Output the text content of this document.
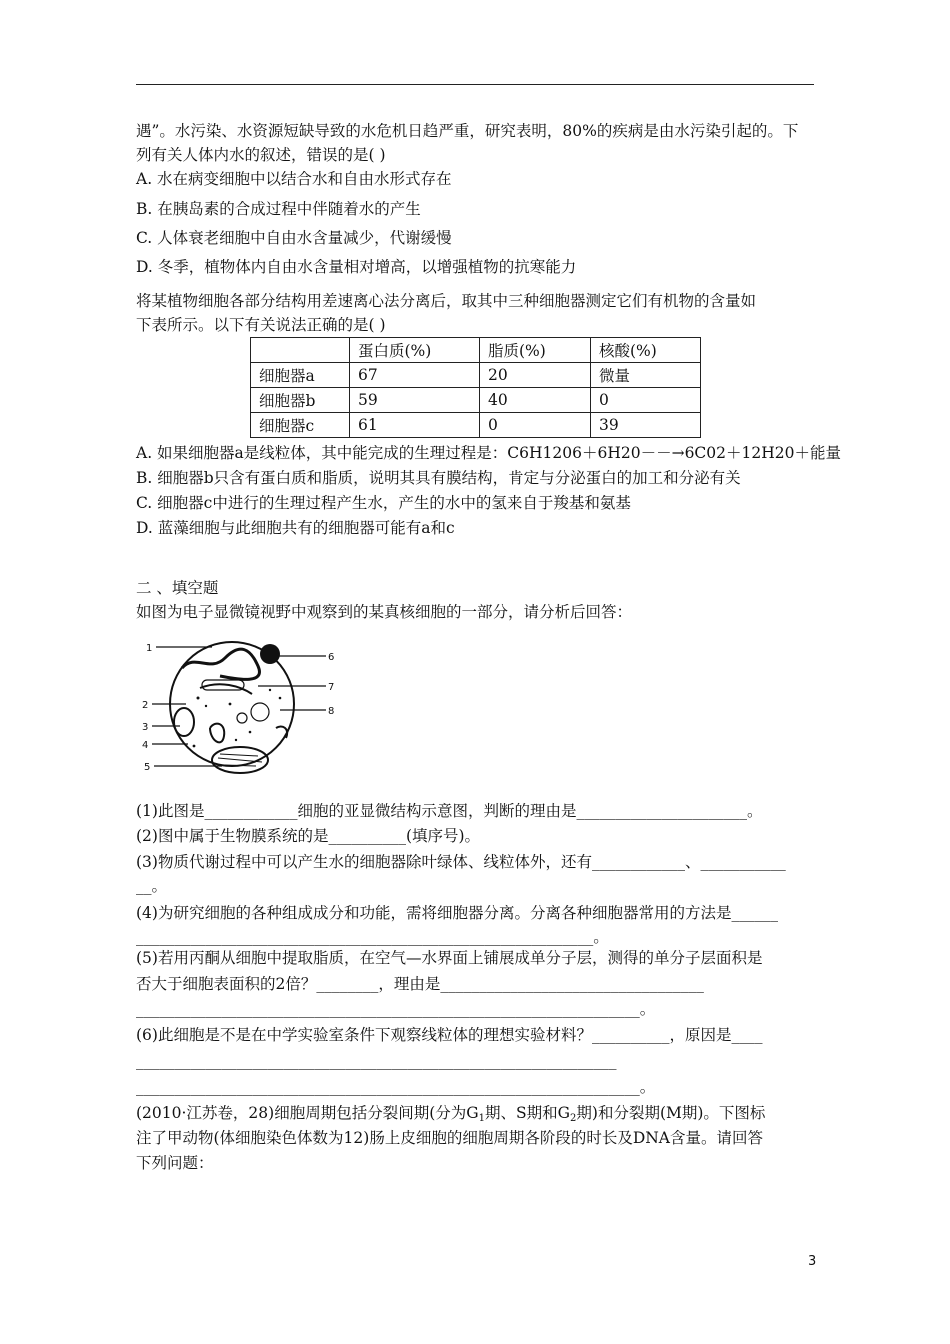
遇”。水污染、水资源短缺导致的水危机日趋严重，研究表明，80%的疾病是由水污染引起的。下
列有关人体内水的叙述，错误的是( )
A. 水在病变细胞中以结合水和自由水形式存在
B. 在胰岛素的合成过程中伴随着水的产生
C. 人体衰老细胞中自由水含量减少，代谢缓慢
D. 冬季，植物体内自由水含量相对增高，以增强植物的抗寒能力
将某植物细胞各部分结构用差速离心法分离后，取其中三种细胞器测定它们有机物的含量如
下表所示。以下有关说法正确的是( )
	蛋白质(%)	脂质(%)	核酸(%)
细胞器a	67	20	微量
细胞器b	59	40	0
细胞器c	61	0	39
A. 如果细胞器a是线粒体，其中能完成的生理过程是：C6H1206＋6H20－－→6C02＋12H20＋能量
B. 细胞器b只含有蛋白质和脂质，说明其具有膜结构，肯定与分泌蛋白的加工和分泌有关
C. 细胞器c中进行的生理过程产生水，产生的水中的氢来自于羧基和氨基
D. 蓝藻细胞与此细胞共有的细胞器可能有a和c
二 、填空题
如图为电子显微镜视野中观察到的某真核细胞的一部分，请分析后回答：
1
2
3
4
5
6
7
8
(1)此图是____________细胞的亚显微结构示意图，判断的理由是______________________。
(2)图中属于生物膜系统的是__________(填序号)。
(3)物质代谢过程中可以产生水的细胞器除叶绿体、线粒体外，还有____________、___________
__。
(4)为研究细胞的各种组成成分和功能，需将细胞器分离。分离各种细胞器常用的方法是______
___________________________________________________________。
(5)若用丙酮从细胞中提取脂质，在空气—水界面上铺展成单分子层，测得的单分子层面积是
否大于细胞表面积的2倍？________，理由是__________________________________
_________________________________________________________________。
(6)此细胞是不是在中学实验室条件下观察线粒体的理想实验材料？__________，原因是____
______________________________________________________________
_________________________________________________________________。
(2010·江苏卷，28)细胞周期包括分裂间期(分为$G_1$期、S期和$G_2$期)和分裂期(M期)。下图标
注了甲动物(体细胞染色体数为12)肠上皮细胞的细胞周期各阶段的时长及DNA含量。请回答
下列问题：
3
